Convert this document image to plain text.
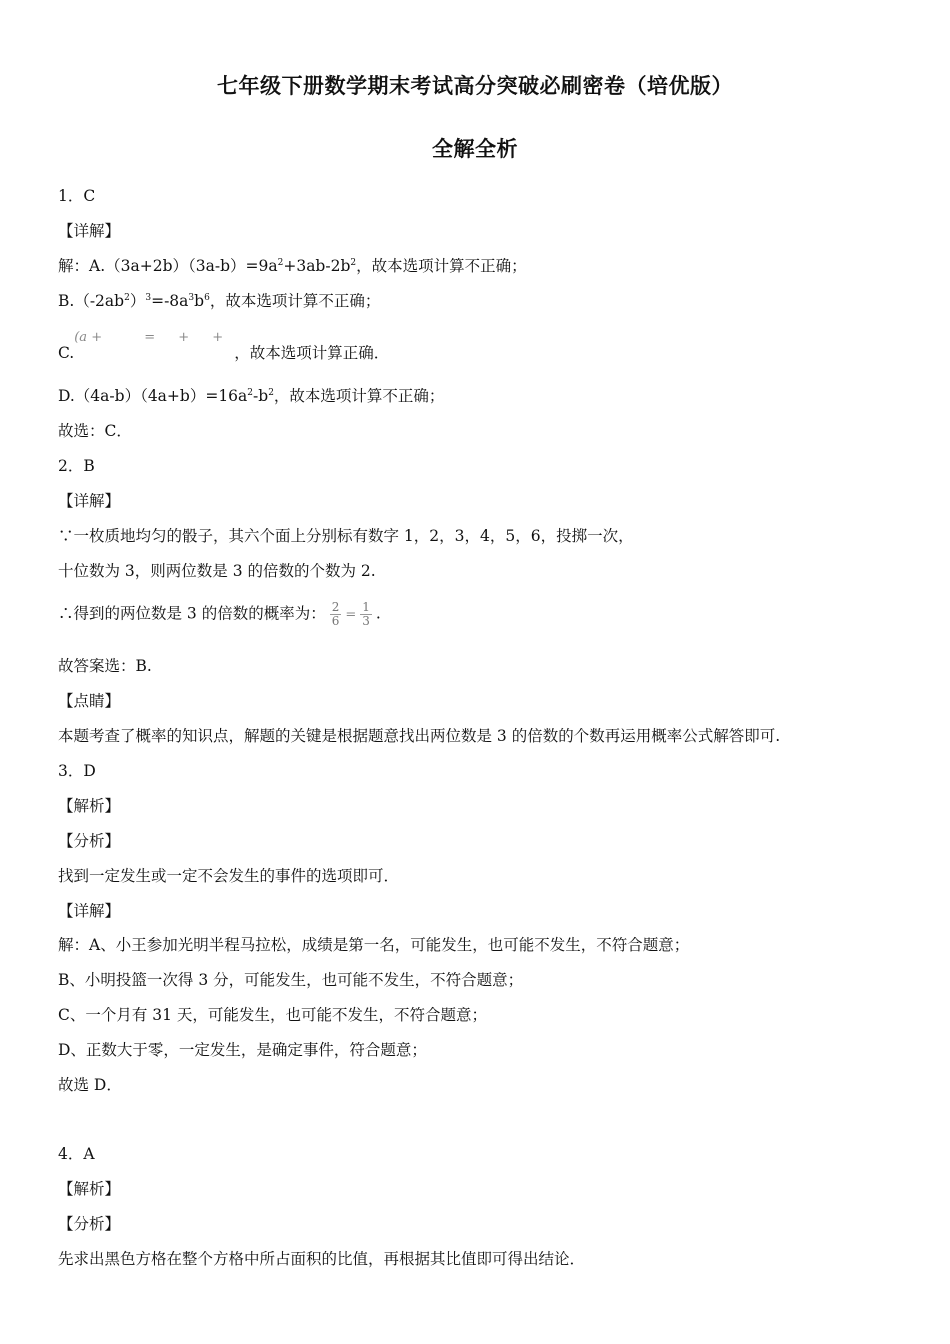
七年级下册数学期末考试高分突破必刷密卷（培优版）
全解全析
1．C
【详解】
解：$A.(3a+2b)(3a-b)=9a^2+3ab-2b^2$，故本选项计算不正确；
$B.(-2ab^2)^3=-8a^3b^6$，故本选项计算不正确；
C.
(a +	= + +
，故本选项计算正确．
$D.(4a-b)(4a+b)=16a^2-b^2$，故本选项计算不正确；
故选：C．
2．B
【详解】
∵一枚质地均匀的骰子，其六个面上分别标有数字 1，2，3，4，5，6，投掷一次，
十位数为 3，则两位数是 3 的倍数的个数为 2.
∴得到的两位数是 3 的倍数的概率为： $\frac{2}{6} = \frac{1}{3}$ .
故答案选：B.
【点睛】
本题考查了概率的知识点，解题的关键是根据题意找出两位数是 3 的倍数的个数再运用概率公式解答即可.
3．D
【解析】
【分析】
找到一定发生或一定不会发生的事件的选项即可．
【详解】
解：A、小王参加光明半程马拉松，成绩是第一名，可能发生，也可能不发生，不符合题意；
B、小明投篮一次得 3 分，可能发生，也可能不发生，不符合题意；
C、一个月有 31 天，可能发生，也可能不发生，不符合题意；
D、正数大于零，一定发生，是确定事件，符合题意；
故选 D．
4．A
【解析】
【分析】
先求出黑色方格在整个方格中所占面积的比值，再根据其比值即可得出结论．
